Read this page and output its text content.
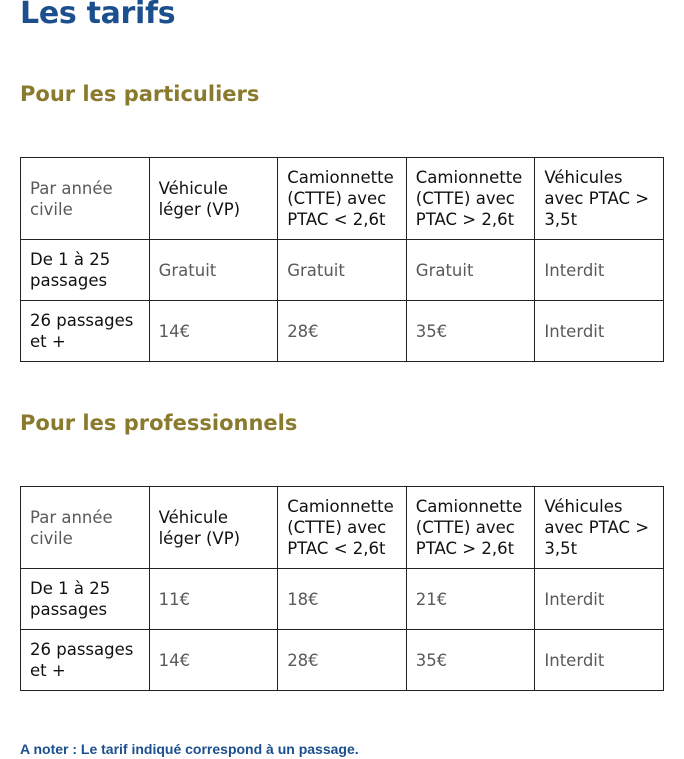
Les tarifs
Pour les particuliers
Par année civile	Véhicule léger (VP)	Camionnette (CTTE) avec PTAC < 2,6t	Camionnette (CTTE) avec PTAC > 2,6t	Véhicules avec PTAC > 3,5t
De 1 à 25 passages	Gratuit	Gratuit	Gratuit	Interdit
26 passages et +	14€	28€	35€	Interdit
Pour les professionnels
Par année civile	Véhicule léger (VP)	Camionnette (CTTE) avec PTAC < 2,6t	Camionnette (CTTE) avec PTAC > 2,6t	Véhicules avec PTAC > 3,5t
De 1 à 25 passages	11€	18€	21€	Interdit
26 passages et +	14€	28€	35€	Interdit

A noter : Le tarif indiqué correspond à un passage.
